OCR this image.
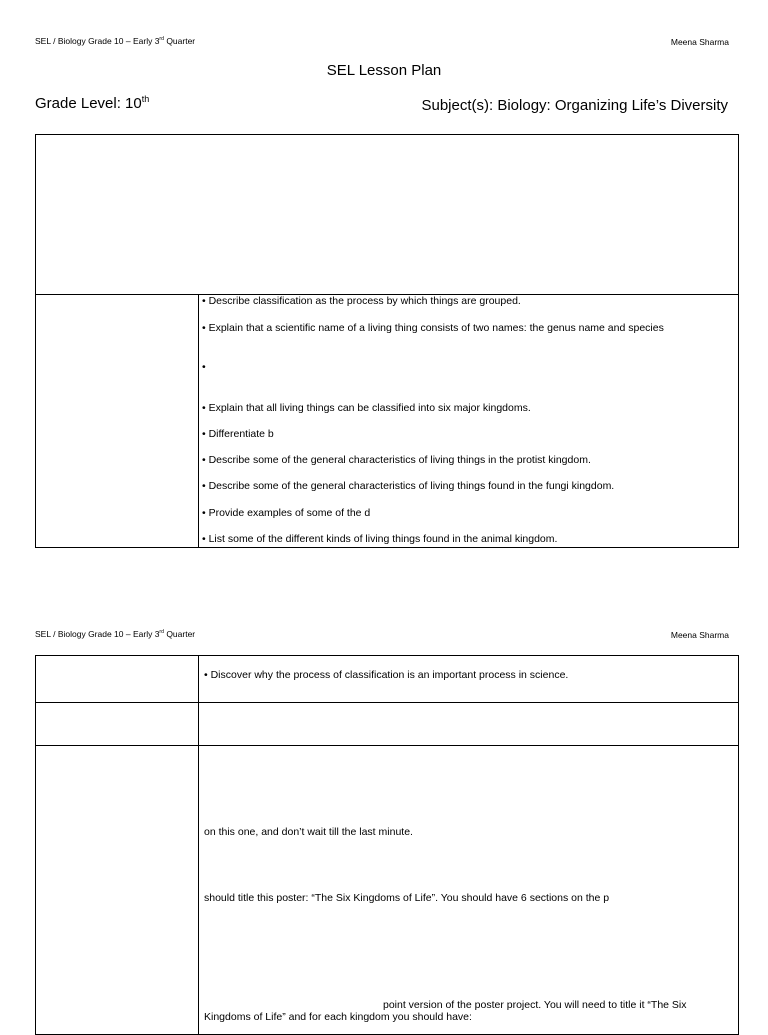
SEL / Biology Grade 10 – Early 3rd Quarter	Meena Sharma
SEL Lesson Plan
Grade Level: 10th	Subject(s): Biology: Organizing Life’s Diversity
• Describe classification as the process by which things are grouped.
• Explain that a scientific name of a living thing consists of two names: the genus name and species
•
• Explain that all living things can be classified into six major kingdoms.
• Differentiate b
• Describe some of the general characteristics of living things in the protist kingdom.
• Describe some of the general characteristics of living things found in the fungi kingdom.
• Provide examples of some of the d
• List some of the different kinds of living things found in the animal kingdom.
SEL / Biology Grade 10 – Early 3rd Quarter	Meena Sharma
• Discover why the process of classification is an important process in science.
on this one, and don’t wait till the last minute.
should title this poster: “The Six Kingdoms of Life”. You should have 6 sections on the p
point version of the poster project. You will need to title it “The Six
Kingdoms of Life” and for each kingdom you should have:
